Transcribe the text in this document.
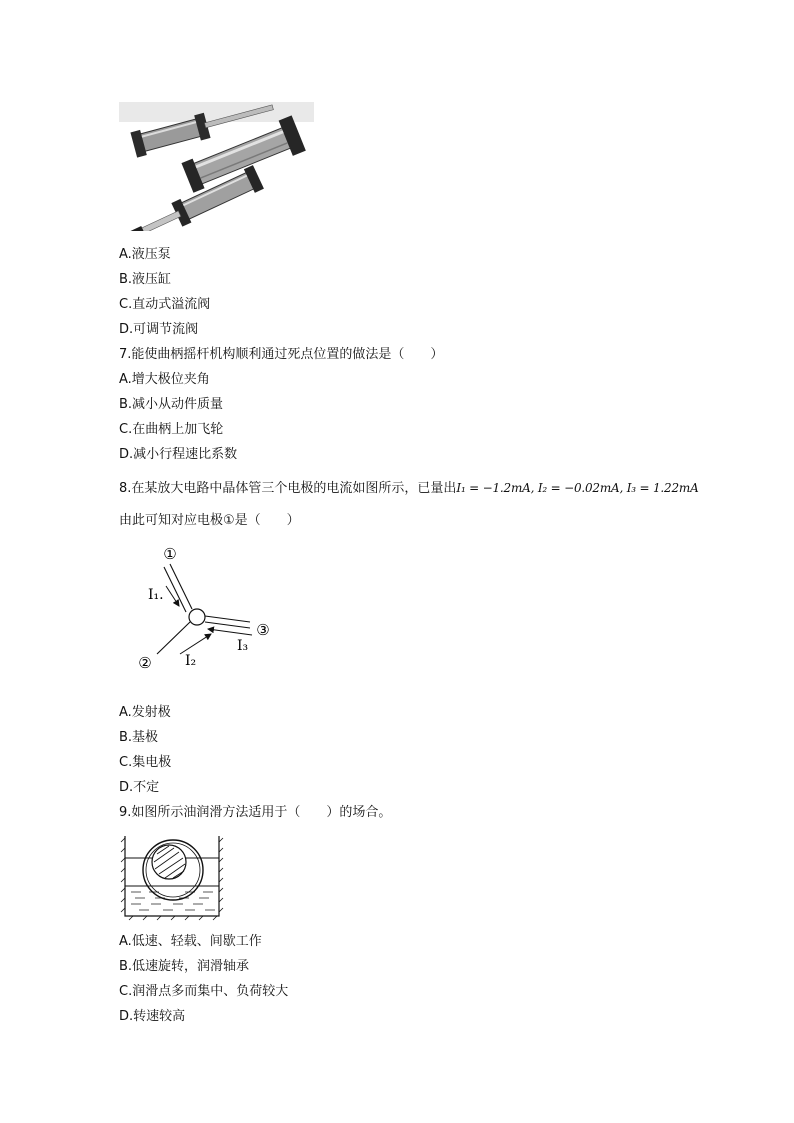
A.液压泵
B.液压缸
C.直动式溢流阀
D.可调节流阀
7.能使曲柄摇杆机构顺利通过死点位置的做法是（　　）
A.增大极位夹角
B.减小从动件质量
C.在曲柄上加飞轮
D.减小行程速比系数
8.在某放大电路中晶体管三个电极的电流如图所示，已量出I₁ = −1.2mA, I₂ = −0.02mA, I₃ = 1.22mA
由此可知对应电极①是（　　）
①
②
③
I₁.
I₂
I₃
A.发射极
B.基极
C.集电极
D.不定
9.如图所示油润滑方法适用于（　　）的场合。
A.低速、轻载、间歇工作
B.低速旋转，润滑轴承
C.润滑点多而集中、负荷较大
D.转速较高
